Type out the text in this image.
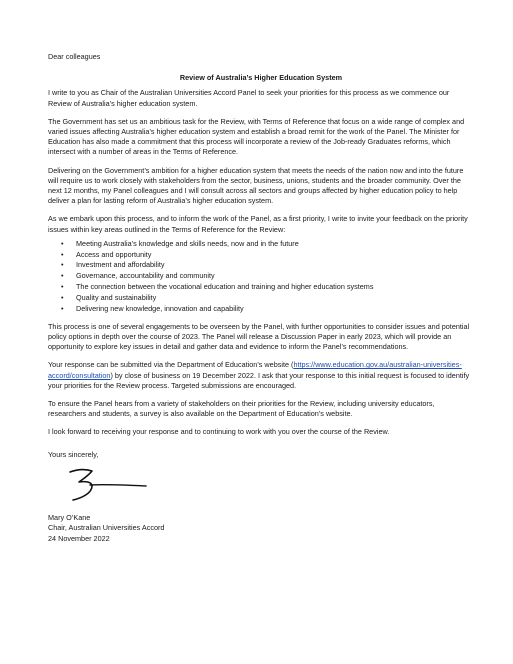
Dear colleagues

Review of Australia’s Higher Education System

I write to you as Chair of the Australian Universities Accord Panel to seek your priorities for this process as we commence our Review of Australia’s higher education system.

The Government has set us an ambitious task for the Review, with Terms of Reference that focus on a wide range of complex and varied issues affecting Australia’s higher education system and establish a broad remit for the work of the Panel. The Minister for Education has also made a commitment that this process will incorporate a review of the Job-ready Graduates reforms, which intersect with a number of areas in the Terms of Reference.

Delivering on the Government’s ambition for a higher education system that meets the needs of the nation now and into the future will require us to work closely with stakeholders from the sector, business, unions, students and the broader community. Over the next 12 months, my Panel colleagues and I will consult across all sectors and groups affected by higher education policy to help deliver a plan for lasting reform of Australia’s higher education system.

As we embark upon this process, and to inform the work of the Panel, as a first priority, I write to invite your feedback on the priority issues within key areas outlined in the Terms of Reference for the Review:

• Meeting Australia’s knowledge and skills needs, now and in the future
• Access and opportunity
• Investment and affordability
• Governance, accountability and community
• The connection between the vocational education and training and higher education systems
• Quality and sustainability
• Delivering new knowledge, innovation and capability

This process is one of several engagements to be overseen by the Panel, with further opportunities to consider issues and potential policy options in depth over the course of 2023. The Panel will release a Discussion Paper in early 2023, which will provide an opportunity to explore key issues in detail and gather data and evidence to inform the Panel’s recommendations.

Your response can be submitted via the Department of Education’s website (https://www.education.gov.au/australian-universities-accord/consultation) by close of business on 19 December 2022. I ask that your response to this initial request is focused to identify your priorities for the Review process. Targeted submissions are encouraged.

To ensure the Panel hears from a variety of stakeholders on their priorities for the Review, including university educators, researchers and students, a survey is also available on the Department of Education’s website.

I look forward to receiving your response and to continuing to work with you over the course of the Review.

Yours sincerely,

Mary O’Kane
Chair, Australian Universities Accord
24 November 2022
